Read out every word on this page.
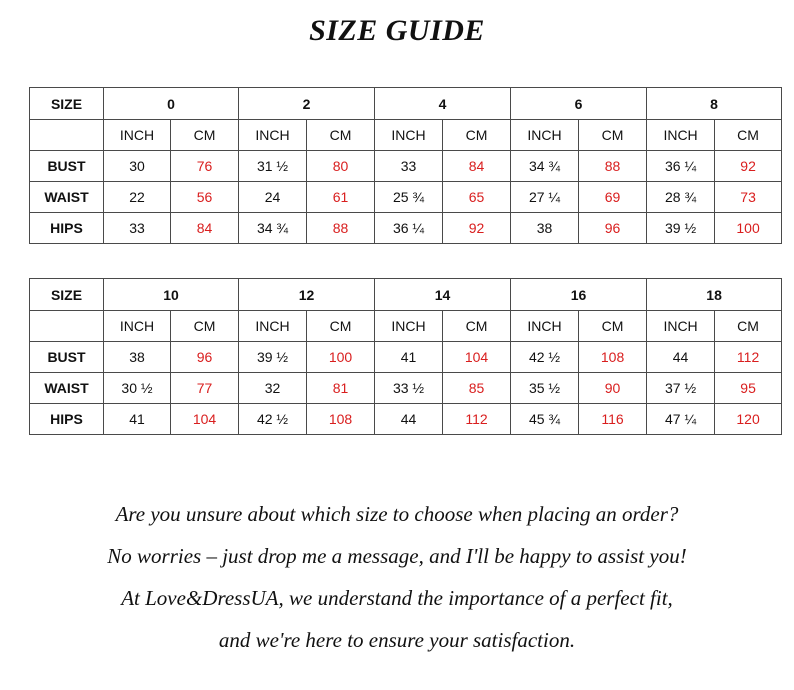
SIZE GUIDE
SIZE	0		2		4		6		8	
	INCH	CM	INCH	CM	INCH	CM	INCH	CM	INCH	CM
BUST	30	76	31 ½	80	33	84	34 ¾	88	36 ¼	92
WAIST	22	56	24	61	25 ¾	65	27 ¼	69	28 ¾	73
HIPS	33	84	34 ¾	88	36 ¼	92	38	96	39 ½	100
SIZE	10		12		14		16		18	
	INCH	CM	INCH	CM	INCH	CM	INCH	CM	INCH	CM
BUST	38	96	39 ½	100	41	104	42 ½	108	44	112
WAIST	30 ½	77	32	81	33 ½	85	35 ½	90	37 ½	95
HIPS	41	104	42 ½	108	44	112	45 ¾	116	47 ¼	120
Are you unsure about which size to choose when placing an order?
No worries – just drop me a message, and I'll be happy to assist you!
At Love&DressUA, we understand the importance of a perfect fit,
and we're here to ensure your satisfaction.
